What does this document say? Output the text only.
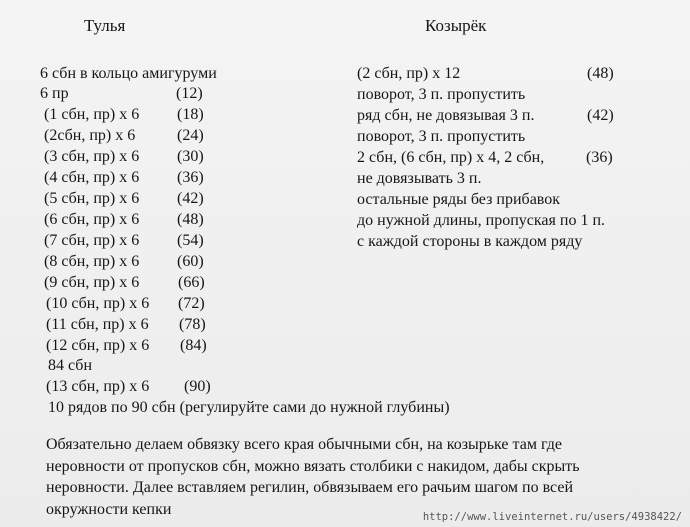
Тулья
6 сбн в кольцо амигуруми
6 пр	(12)
(1 сбн, пр) х 6 (18)
(2сбн, пр) х 6	(24)
(3 сбн, пр) х 6 (30)
(4 сбн, пр) х 6 (36)
(5 сбн, пр) х 6 (42)
(6 сбн, пр) х 6 (48)
(7 сбн, пр) х 6 (54)
(8 сбн, пр) х 6 (60)
(9 сбн, пр) х 6 (66)
(10 сбн, пр) х 6 (72)
(11 сбн, пр) х 6 (78)
(12 сбн, пр) х 6 (84)
84 сбн
(13 сбн, пр) х 6 (90)
10 рядов по 90 сбн (регулируйте сами до нужной глубины)
Козырёк
(2 сбн, пр) х 12	(48)
поворот, 3 п. пропустить
ряд сбн, не довязывая 3 п.	(42)
поворот, 3 п. пропустить
2 сбн, (6 сбн, пр) х 4, 2 сбн,	(36)
не довязывать 3 п.
остальные ряды без прибавок
до нужной длины, пропуская по 1 п.
с каждой стороны в каждом ряду
Обязательно делаем обвязку всего края обычными сбн, на козырьке там где
неровности от пропусков сбн, можно вязать столбики с накидом, дабы скрыть
неровности. Далее вставляем регилин, обвязываем его рачьим шагом по всей
окружности кепки	http://www.liveinternet.ru/users/4938422/
